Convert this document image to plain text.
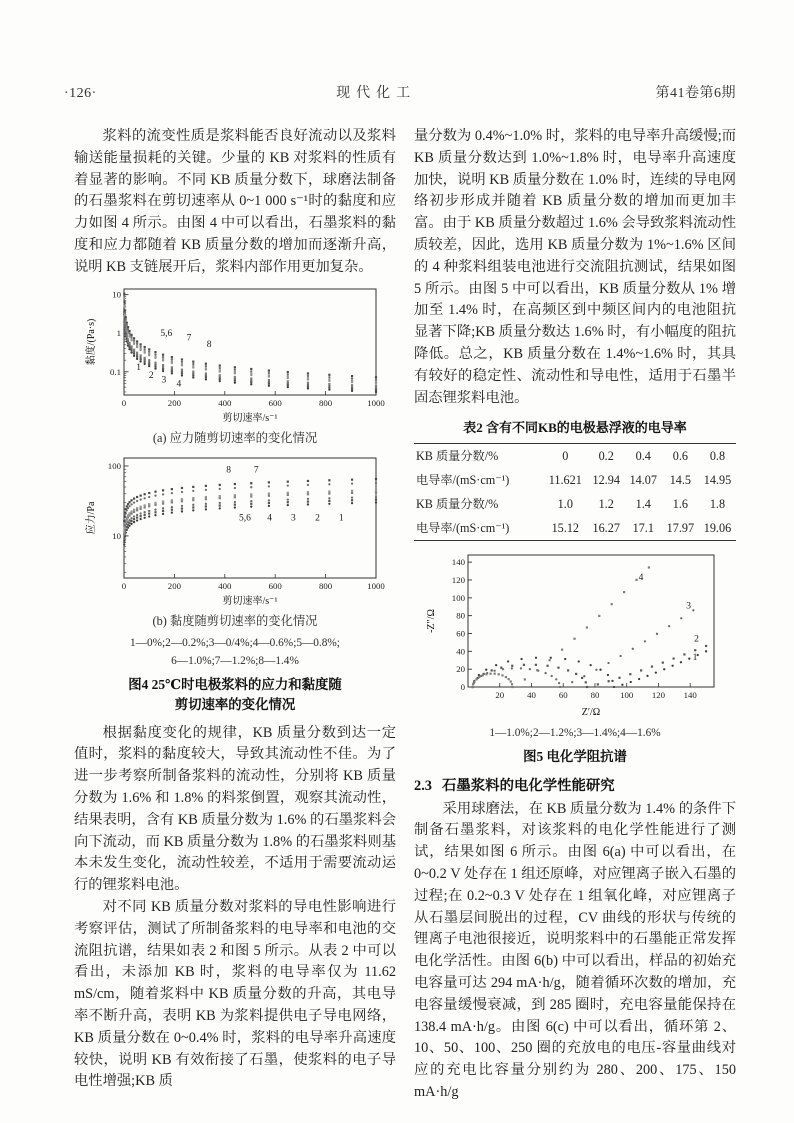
·126·	现代化工	第41卷第6期

浆料的流变性质是浆料能否良好流动以及浆料输送能量损耗的关键。少量的 KB 对浆料的性质有着显著的影响。不同 KB 质量分数下，球磨法制备的石墨浆料在剪切速率从 0~1 000 s⁻¹时的黏度和应力如图 4 所示。由图 4 中可以看出，石墨浆料的黏度和应力都随着 KB 质量分数的增加而逐渐升高，说明 KB 支链展开后，浆料内部作用更加复杂。

0	200	400	600	800	1000
0.1
1
10
剪切速率/s⁻¹
黏度/(Pa·s)
1
2 3 4
5,6 7
8
(a) 应力随剪切速率的变化情况
0	200	400	600	800	1000
10
100
剪切速率/s⁻¹
应力/Pa
8 7
5,6 4 3 2 1
(b) 黏度随剪切速率的变化情况
1—0%;2—0.2%;3—0/4%;4—0.6%;5—0.8%;
6—1.0%;7—1.2%;8—1.4%
图4 25℃时电极浆料的应力和黏度随
剪切速率的变化情况

根据黏度变化的规律，KB 质量分数到达一定值时，浆料的黏度较大，导致其流动性不佳。为了进一步考察所制备浆料的流动性，分别将 KB 质量分数为 1.6% 和 1.8% 的料浆倒置，观察其流动性，结果表明，含有 KB 质量分数为 1.6% 的石墨浆料会向下流动，而 KB 质量分数为 1.8% 的石墨浆料则基本未发生变化，流动性较差，不适用于需要流动运行的锂浆料电池。

对不同 KB 质量分数对浆料的导电性影响进行考察评估，测试了所制备浆料的电导率和电池的交流阻抗谱，结果如表 2 和图 5 所示。从表 2 中可以看出，未添加 KB 时，浆料的电导率仅为 11.62 mS/cm，随着浆料中 KB 质量分数的升高，其电导率不断升高，表明 KB 为浆料提供电子导电网络，KB 质量分数在 0~0.4% 时，浆料的电导率升高速度较快，说明 KB 有效衔接了石墨，使浆料的电子导电性增强;KB 质

量分数为 0.4%~1.0% 时，浆料的电导率升高缓慢;而 KB 质量分数达到 1.0%~1.8% 时，电导率升高速度加快，说明 KB 质量分数在 1.0% 时，连续的导电网络初步形成并随着 KB 质量分数的增加而更加丰富。由于 KB 质量分数超过 1.6% 会导致浆料流动性质较差，因此，选用 KB 质量分数为 1%~1.6% 区间的 4 种浆料组装电池进行交流阻抗测试，结果如图 5 所示。由图 5 中可以看出，KB 质量分数从 1% 增加至 1.4% 时，在高频区到中频区间内的电池阻抗显著下降;KB 质量分数达 1.6% 时，有小幅度的阻抗降低。总之，KB 质量分数在 1.4%~1.6% 时，其具有较好的稳定性、流动性和导电性，适用于石墨半固态锂浆料电池。

表2 含有不同KB的电极悬浮液的电导率
KB 质量分数/%	0	0.2	0.4	0.6	0.8
电导率/(mS·cm⁻¹)	11.621	12.94	14.07	14.5	14.95
KB 质量分数/%	1.0	1.2	1.4	1.6	1.8
电导率/(mS·cm⁻¹)	15.12	16.27	17.1	17.97	19.06
20	40	60	80 100 120 140
0
20
40
60
80
100
120
140
Z′/Ω
-Z″/Ω
1
2
3
4
1—1.0%;2—1.2%;3—1.4%;4—1.6%
图5 电化学阻抗谱
2.3 石墨浆料的电化学性能研究

采用球磨法，在 KB 质量分数为 1.4% 的条件下制备石墨浆料，对该浆料的电化学性能进行了测试，结果如图 6 所示。由图 6(a) 中可以看出，在 0~0.2 V 处存在 1 组还原峰，对应锂离子嵌入石墨的过程;在 0.2~0.3 V 处存在 1 组氧化峰，对应锂离子从石墨层间脱出的过程，CV 曲线的形状与传统的锂离子电池很接近，说明浆料中的石墨能正常发挥电化学活性。由图 6(b) 中可以看出，样品的初始充电容量可达 294 mA·h/g，随着循环次数的增加，充电容量缓慢衰减，到 285 圈时，充电容量能保持在 138.4 mA·h/g。由图 6(c) 中可以看出，循环第 2、10、50、100、250 圈的充放电的电压-容量曲线对应的充电比容量分别约为 280、200、175、150 mA·h/g
